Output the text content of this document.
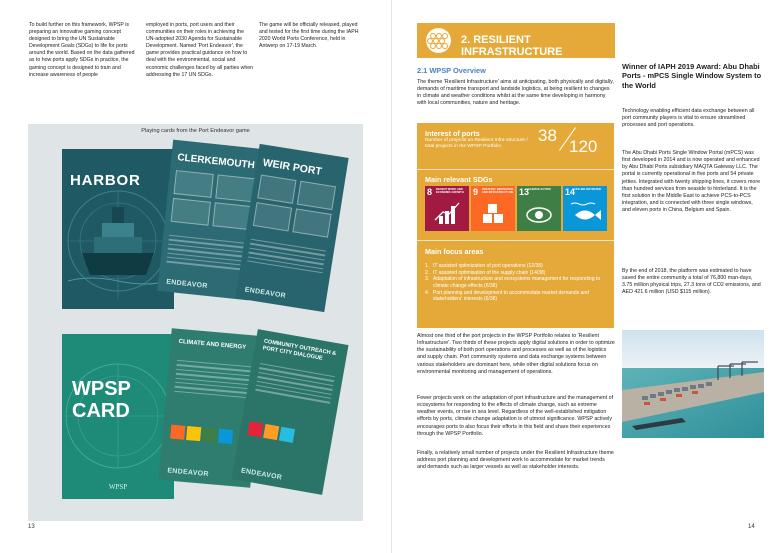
To build further on this framework, WPSP is preparing an innovative gaming concept designed to bring the UN Sustainable Development Goals (SDGs) to life for ports around the world. Based on the data gathered as to how ports apply SDGs in practice, the gaming concept is designed to train and increase awareness of people
employed in ports, port users and their communities on their roles in achieving the UN-adopted 2030 Agenda for Sustainable Development. Named 'Port Endeavor', the game provides practical guidance on how to deal with the environmental, social and economic challenges faced by all parties when addressing the 17 UN SDGs.
The game will be officially released, played and tested for the first time during the IAPH 2020 World Ports Conference, held in Antwerp on 17-19 March.
Playing cards from the Port Endeavor game
HARBOR
CLERKEMOUTH
ENDEAVOR
WEIR PORT
ENDEAVOR
WPSP
CARD
WPSP
CLIMATE AND ENERGY
ENDEAVOR
COMMUNITY OUTREACH & PORT CITY DIALOGUE
ENDEAVOR
13
2. RESILIENT INFRASTRUCTURE
2.1 WPSP Overview
The theme 'Resilient Infrastructure' aims at anticipating, both physically and digitally, demands of maritime transport and landside logistics, at being resilient to changes in climate and weather conditions whilst at the same time developing in harmony with local communities, nature and heritage.
Interest of ports
Number of projects on Resilient Infra-structure / total projects in the WPSP Portfolio
38
120
Main relevant SDGs
8 DECENT WORK AND ECONOMIC GROWTH	9 INDUSTRY, INNOVATION AND INFRASTRUCTURE 13
CLIMATE ACTION	14
LIFE BELOW WATER
Main focus areas
1. IT assisted optimization of port operations (12/38)
2. IT assisted optimisation of the supply chain (14/38)
3. Adaptation of infrastructure and ecosystems management for responding to climate change effects (6/38)
4. Port planning and development to accommodate market demands and stakeholders' interests (6/38)
Almost one third of the port projects in the WPSP Portfolio relates to 'Resilient Infrastructure'. Two thirds of these projects apply digital solutions in order to optimize the sustainability of both port operations and processes as well as of the logistics and supply chain. Port community systems and data exchange systems between various stakeholders are dominant here, while other digital solutions focus on environmental monitoring and management of operations.
Fewer projects work on the adaptation of port infrastructure and the management of ecosystems for responding to the effects of climate change, such as extreme weather events, or rise in sea level. Regardless of the well-established mitigation efforts by ports, climate change adaptation is of utmost significance. WPSP actively encourages ports to also focus their efforts in this field and share their experiences through the WPSP Portfolio.
Finally, a relatively small number of projects under the Resilient Infrastructure theme address port planning and development work to accommodate for market trends and demands such as larger vessels as well as stakeholder interests.
Winner of IAPH 2019 Award: Abu Dhabi Ports - mPCS Single Window System to the World
Technology enabling efficient data exchange between all port community players is vital to ensure streamlined processes and port operations.
The Abu Dhabi Ports Single Window Portal (mPCS) was first developed in 2014 and is now operated and enhanced by Abu Dhabi Ports subsidiary MAQTA Gateway LLC. The portal is currently operational in five ports and 54 private jetties. Integrated with twenty shipping lines, it covers more than hundred services from seaside to hinterland. It is the first solution in the Middle East to achieve PCS-to-PCS integration, and is connected with three single windows, and eleven ports in China, Belgium and Spain.
By the end of 2018, the platform was estimated to have saved the entire community a total of 76,800 man-days, 3.75 million physical trips, 27.3 tons of CO2 emissions, and AED 421.6 million (USD $115 million).
14
